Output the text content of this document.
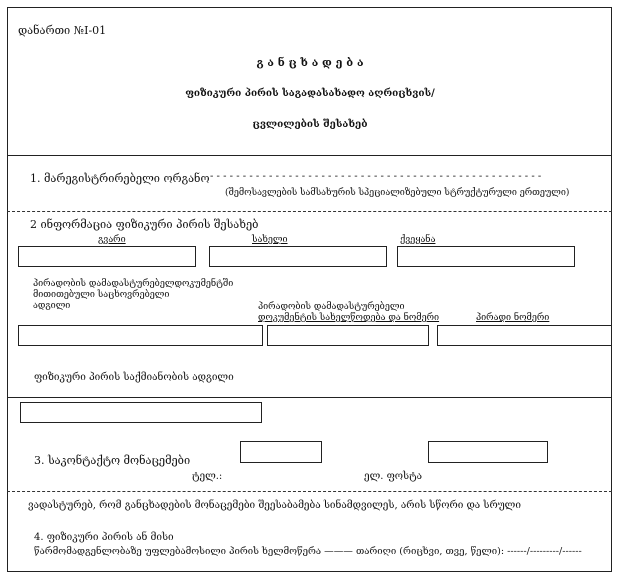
დანართი №I-01
გ ა ნ ც ხ ა დ ე ბ ა
ფიზიკური პირის საგადასახადო აღრიცხვის/
ცვლილების შესახებ
1. მარეგისტრირებელი ორგანო - - - - - - - - - - - - - - - - - - - - - - - - - - - - - - - - - - - - - - - - - - - - - - - - - - -
(შემოსავლების სამსახურის სპეციალიზებული სტრუქტურული ერთეული)
2 ინფორმაცია ფიზიკური პირის შესახებ
გვარი	სახელი	ქვეყანა
პირადობის დამადასტურებელდოკუმენტში
მითითებული საცხოვრებელი
ადგილი	პირადობის დამადასტურებელი
დოკუმენტის სახელწოდება და ნომერი	პირადი ნომერი
ფიზიკური პირის საქმიანობის ადგილი
3. საკონტაქტო მონაცემები
ტელ.:	ელ. ფოსტა
ვადასტურებ, რომ განცხადების მონაცემები შეესაბამება სინამდვილეს, არის სწორი და სრული
4. ფიზიკური პირის ან მისი
წარმომადგენლობაზე უფლებამოსილი პირის ხელმოწერა ——— თარიღი (რიცხვი, თვე, წელი): ------/---------/------
